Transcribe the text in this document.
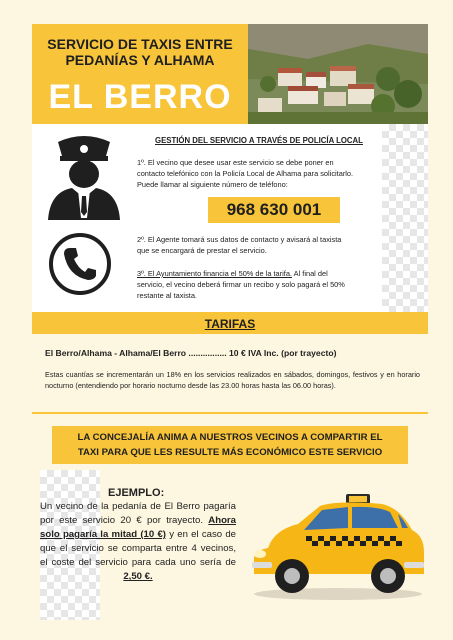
SERVICIO DE TAXIS ENTRE
PEDANÍAS Y ALHAMA
EL BERRO
GESTIÓN DEL SERVICIO A TRAVÉS DE POLICÍA LOCAL
1º. El vecino que desee usar este servicio se debe poner en
contacto telefónico con la Policía Local de Alhama para solicitarlo.
Puede llamar al siguiente número de teléfono:
968 630 001
2º. El Agente tomará sus datos de contacto y avisará al taxista
que se encargará de prestar el servicio.
3º. El Ayuntamiento financia el 50% de la tarifa. Al final del
servicio, el vecino deberá firmar un recibo y solo pagará el 50%
restante al taxista.
TARIFAS
El Berro/Alhama - Alhama/El Berro ................ 10 € IVA Inc. (por trayecto)
Estas cuantías se incrementarán un 18% en los servicios realizados en sábados, domingos, festivos y en horario nocturno (entendiendo por horario nocturno desde las 23.00 horas hasta las 06.00 horas).
LA CONCEJALÍA ANIMA A NUESTROS VECINOS A COMPARTIR EL
TAXI PARA QUE LES RESULTE MÁS ECONÓMICO ESTE SERVICIO
EJEMPLO:
Un vecino de la pedanía de El Berro pagaría por este servicio 20 € por trayecto. Ahora solo pagaría la mitad (10 €) y en el caso de que el servicio se comparta entre 4 vecinos, el coste del servicio para cada uno sería de 2,50 €.
